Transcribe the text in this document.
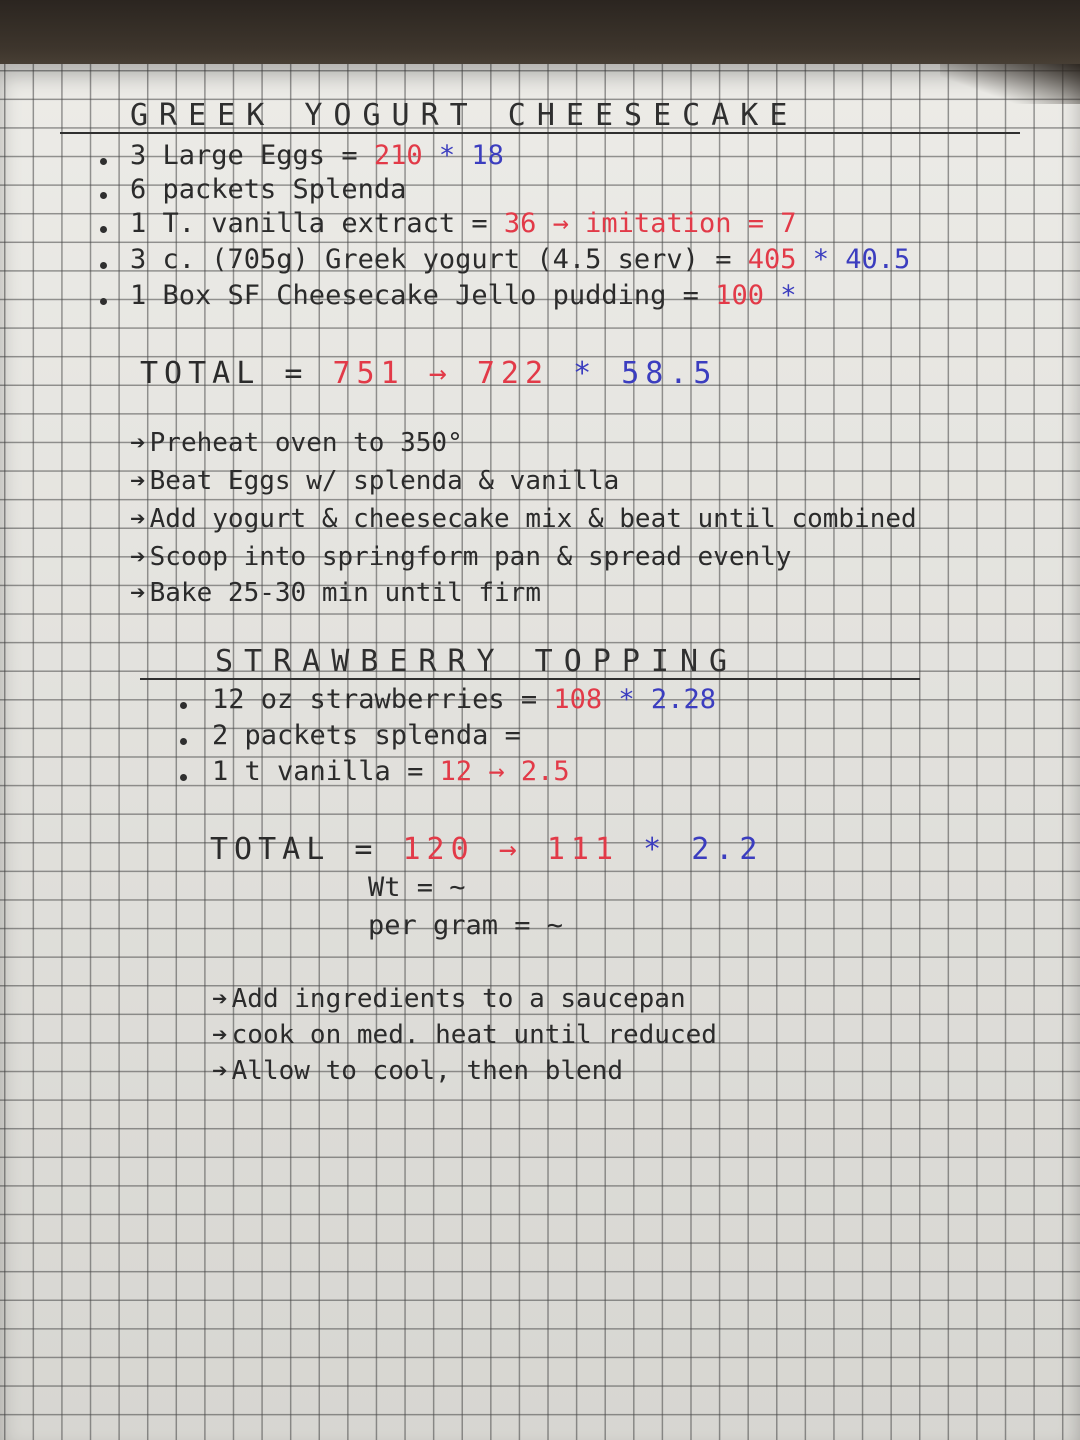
GREEK YOGURT CHEESECAKE
3 Large Eggs = 210 * 18
6 packets Splenda
1 T. vanilla extract = 36 → imitation = 7
3 c. (705g) Greek yogurt (4.5 serv) = 405 * 40.5
1 Box SF Cheesecake Jello pudding = 100 *
TOTAL = 751 → 722 * 58.5
➔ Preheat oven to 350°
➔ Beat Eggs w/ splenda & vanilla
➔ Add yogurt & cheesecake mix & beat until combined
➔ Scoop into springform pan & spread evenly
➔ Bake 25-30 min until firm
STRAWBERRY TOPPING
12 oz strawberries = 108 * 2.28
2 packets splenda =
1 t vanilla = 12 → 2.5
TOTAL = 120 → 111 * 2.2
Wt = ~
per gram = ~
➔ Add ingredients to a saucepan
➔ cook on med. heat until reduced
➔ Allow to cool, then blend
